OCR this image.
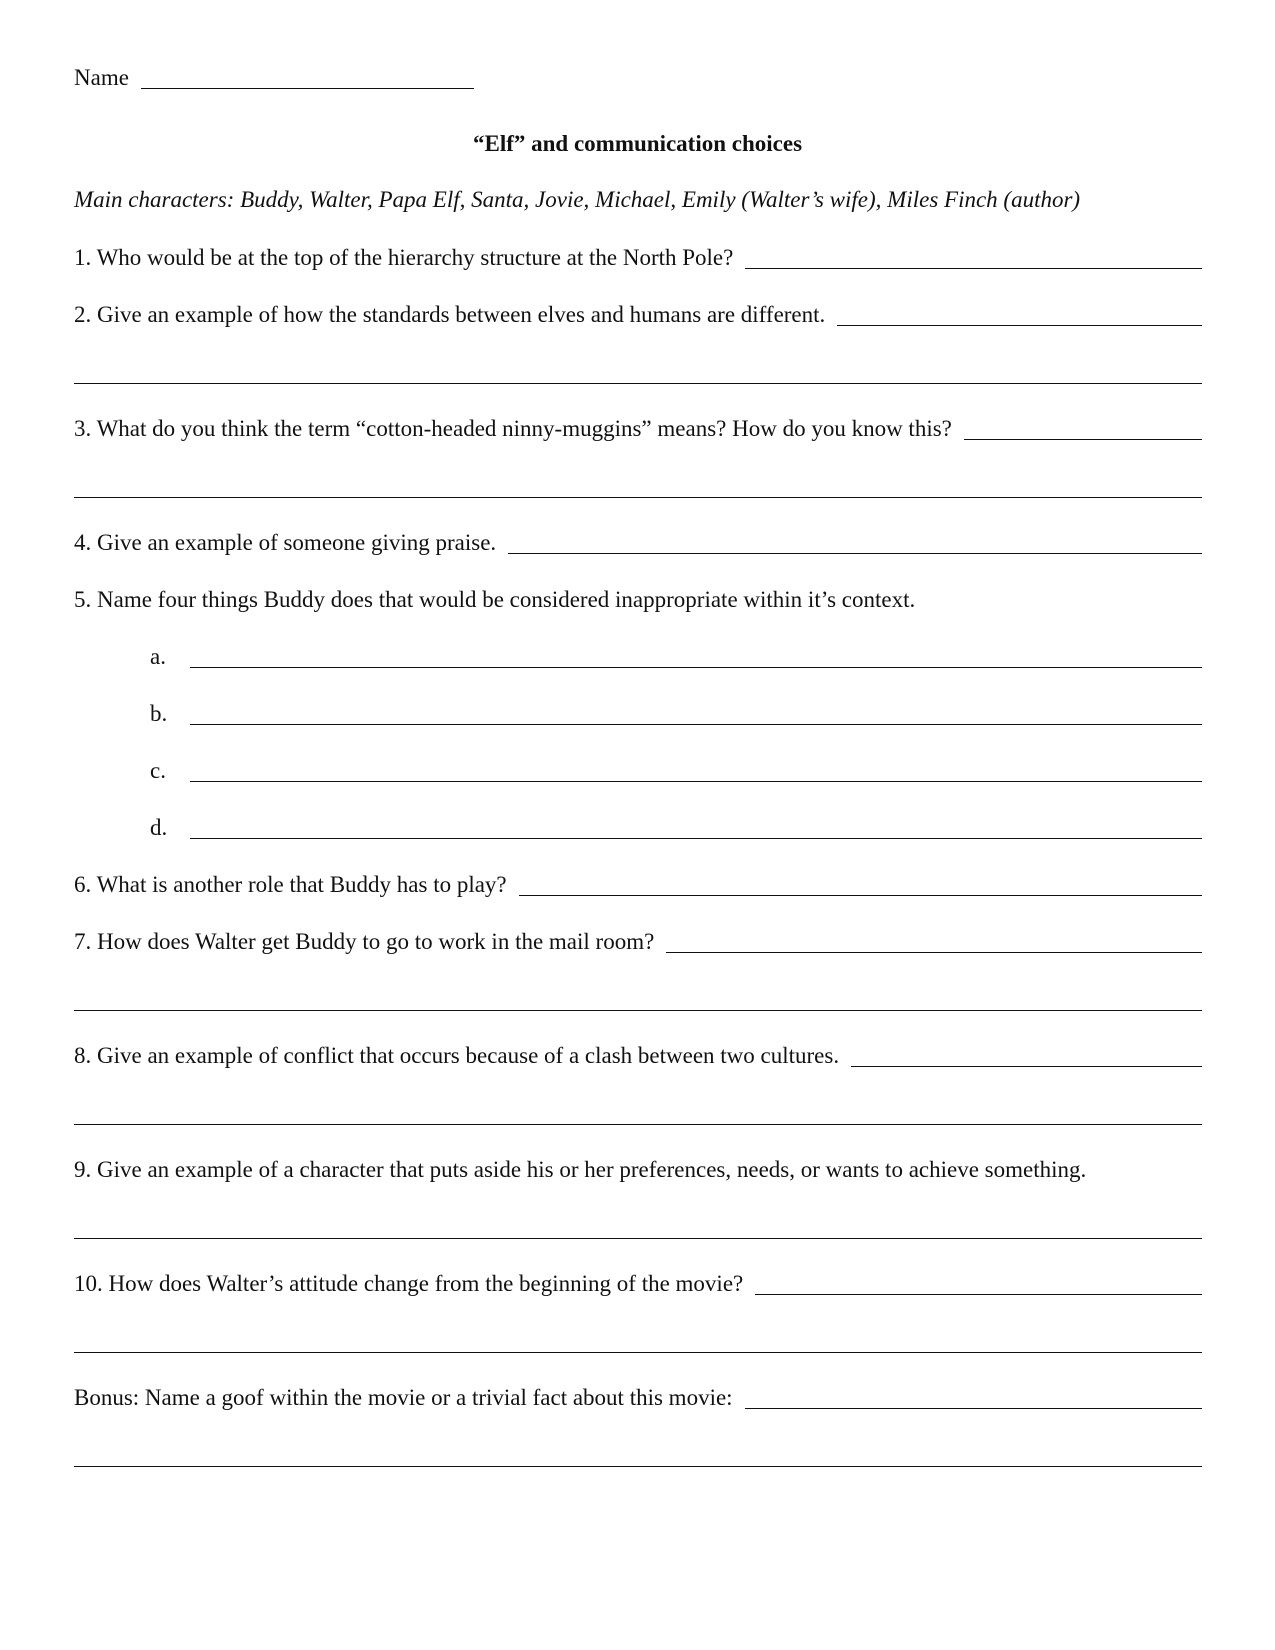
Name
“Elf” and communication choices
Main characters: Buddy, Walter, Papa Elf, Santa, Jovie, Michael, Emily (Walter’s wife), Miles Finch (author)
1. Who would be at the top of the hierarchy structure at the North Pole?
2. Give an example of how the standards between elves and humans are different.
3. What do you think the term “cotton-headed ninny-muggins” means? How do you know this?
4. Give an example of someone giving praise.
5. Name four things Buddy does that would be considered inappropriate within it’s context.
a.
b.
c.
d.
6. What is another role that Buddy has to play?
7. How does Walter get Buddy to go to work in the mail room?
8. Give an example of conflict that occurs because of a clash between two cultures.
9. Give an example of a character that puts aside his or her preferences, needs, or wants to achieve something.
10. How does Walter’s attitude change from the beginning of the movie?
Bonus: Name a goof within the movie or a trivial fact about this movie:
